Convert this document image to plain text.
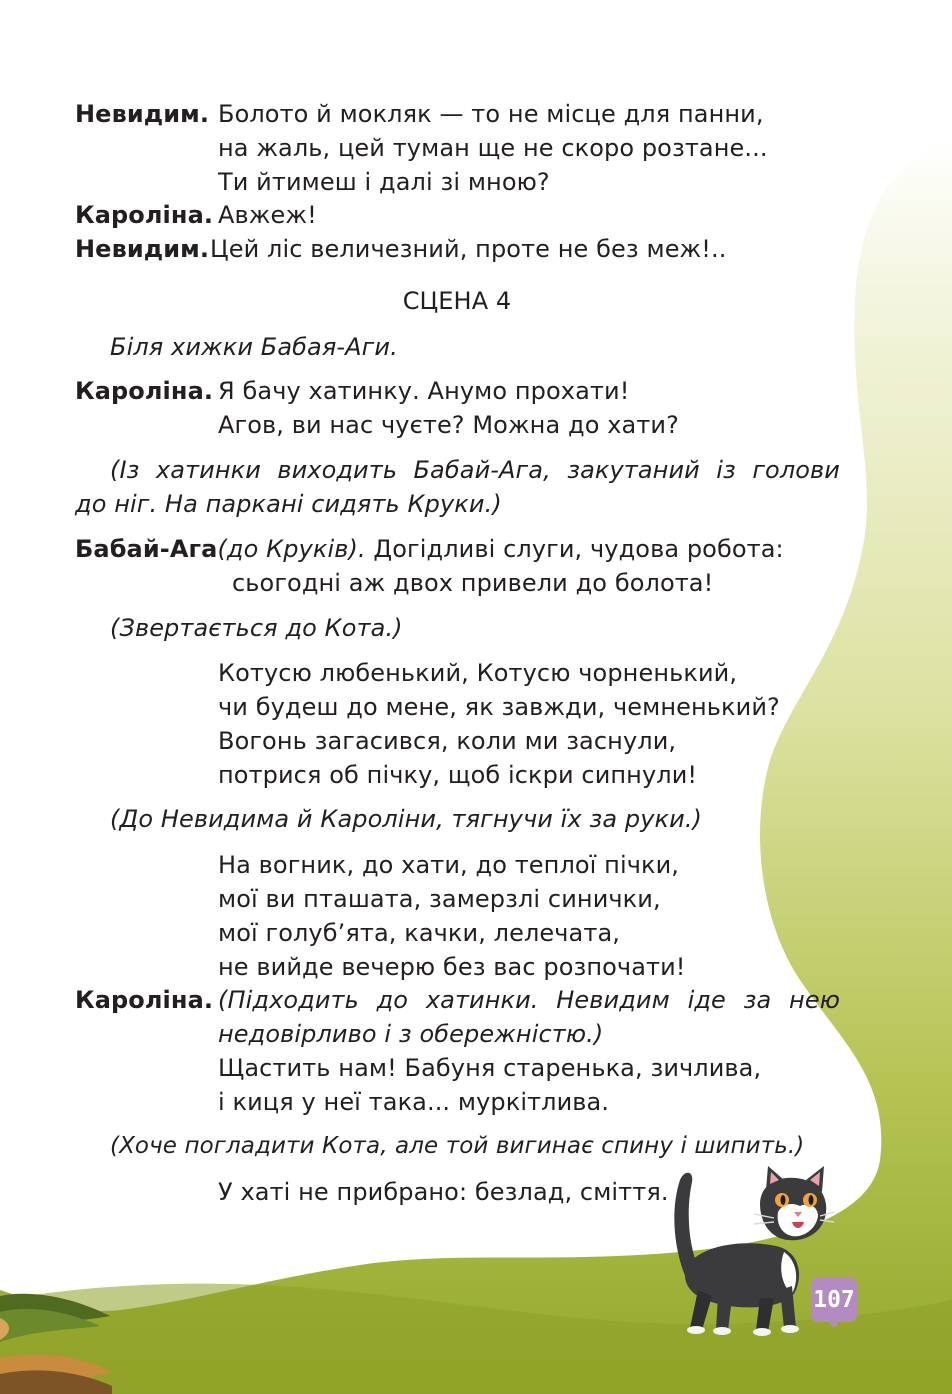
Невидим. Болото й мокляк — то не місце для панни,
на жаль, цей туман ще не скоро розтане...
Ти йтимеш і далі зі мною?
Кароліна. Авжеж!
Невидим. Цей ліс величезний, проте не без меж!..
СЦЕНА 4
Біля хижки Бабая-Аги.
Кароліна. Я бачу хатинку. Анумо прохати!
Агов, ви нас чуєте? Можна до хати?
(Із хатинки виходить Бабай-Ага, закутаний із голови
до ніг. На паркані сидять Круки.)
Бабай-Ага(до Круків). Догідливі слуги, чудова робота:
сьогодні аж двох привели до болота!
(Звертається до Кота.)
Котусю любенький, Котусю чорненький,
чи будеш до мене, як завжди, чемненький?
Вогонь загасився, коли ми заснули,
потрися об пічку, щоб іскри сипнули!
(До Невидима й Кароліни, тягнучи їх за руки.)
На вогник, до хати, до теплої пічки,
мої ви пташата, замерзлі синички,
мої голуб’ята, качки, лелечата,
не вийде вечерю без вас розпочати!
Кароліна. (Підходить до хатинки. Невидим іде за нею
недовірливо і з обережністю.)
Щастить нам! Бабуня старенька, зичлива,
і киця у неї така... муркітлива.
(Хоче погладити Кота, але той вигинає спину і шипить.)
У хаті не прибрано: безлад, сміття.
107
